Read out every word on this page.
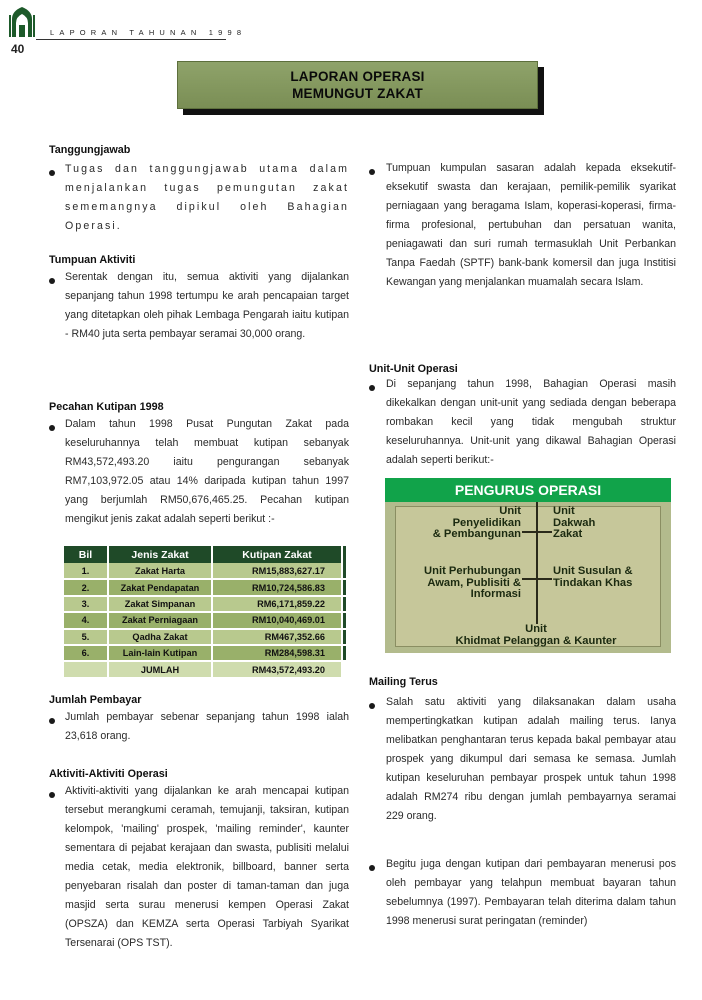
LAPORAN TAHUNAN 1998
40
LAPORAN OPERASI
MEMUNGUT ZAKAT
Tanggungjawab
Tugas dan tanggungjawab utama dalam menjalankan tugas pemungutan zakat sememangnya dipikul oleh Bahagian Operasi.
Tumpuan Aktiviti
Serentak dengan itu, semua aktiviti yang dijalankan sepanjang tahun 1998 tertumpu ke arah pencapaian target yang ditetapkan oleh pihak Lembaga Pengarah iaitu kutipan - RM40 juta serta pembayar seramai 30,000 orang.
Pecahan Kutipan 1998
Dalam tahun 1998 Pusat Pungutan Zakat pada keseluruhannya telah membuat kutipan sebanyak RM43,572,493.20 iaitu pengurangan sebanyak RM7,103,972.05 atau 14% daripada kutipan tahun 1997 yang berjumlah RM50,676,465.25. Pecahan kutipan mengikut jenis zakat adalah seperti berikut :-
Bil	Jenis Zakat	Kutipan Zakat	
1.	Zakat Harta	RM15,883,627.17	
2.	Zakat Pendapatan	RM10,724,586.83	
3.	Zakat Simpanan	RM6,171,859.22	
4.	Zakat Perniagaan	RM10,040,469.01	
5.	Qadha Zakat	RM467,352.66	
6.	Lain-lain Kutipan	RM284,598.31	
	JUMLAH	RM43,572,493.20	
Jumlah Pembayar
Jumlah pembayar sebenar sepanjang tahun 1998 ialah 23,618 orang.
Aktiviti-Aktiviti Operasi
Aktiviti-aktiviti yang dijalankan ke arah mencapai kutipan tersebut merangkumi ceramah, temujanji, taksiran, kutipan kelompok, 'mailing' prospek, 'mailing reminder', kaunter sementara di pejabat kerajaan dan swasta, publisiti melalui media cetak, media elektronik, billboard, banner serta penyebaran risalah dan poster di taman-taman dan juga masjid serta surau menerusi kempen Operasi Zakat (OPSZA) dan KEMZA serta Operasi Tarbiyah Syarikat Tersenarai (OPS TST).
Tumpuan kumpulan sasaran adalah kepada eksekutif-eksekutif swasta dan kerajaan, pemilik-pemilik syarikat perniagaan yang beragama Islam, koperasi-koperasi, firma-firma profesional, pertubuhan dan persatuan wanita, peniagawati dan suri rumah termasuklah Unit Perbankan Tanpa Faedah (SPTF) bank-bank komersil dan juga Institisi Kewangan yang menjalankan muamalah secara Islam.
Unit-Unit Operasi
Di sepanjang tahun 1998, Bahagian Operasi masih dikekalkan dengan unit-unit yang sediada dengan beberapa rombakan kecil yang tidak mengubah struktur keseluruhannya. Unit-unit yang dikawal Bahagian Operasi adalah seperti berikut:-
PENGURUS OPERASI
Unit
Penyelidikan
& Pembangunan
Unit
Dakwah
Zakat
Unit Perhubungan
Awam, Publisiti &
Informasi
Unit Susulan &
Tindakan Khas
Unit
Khidmat Pelanggan & Kaunter
Mailing Terus
Salah satu aktiviti yang dilaksanakan dalam usaha mempertingkatkan kutipan adalah mailing terus. Ianya melibatkan penghantaran terus kepada bakal pembayar atau prospek yang dikumpul dari semasa ke semasa. Jumlah kutipan keseluruhan pembayar prospek untuk tahun 1998 adalah RM274 ribu dengan jumlah pembayarnya seramai 229 orang.
Begitu juga dengan kutipan dari pembayaran menerusi pos oleh pembayar yang telahpun membuat bayaran tahun sebelumnya (1997). Pembayaran telah diterima dalam tahun 1998 menerusi surat peringatan (reminder)
